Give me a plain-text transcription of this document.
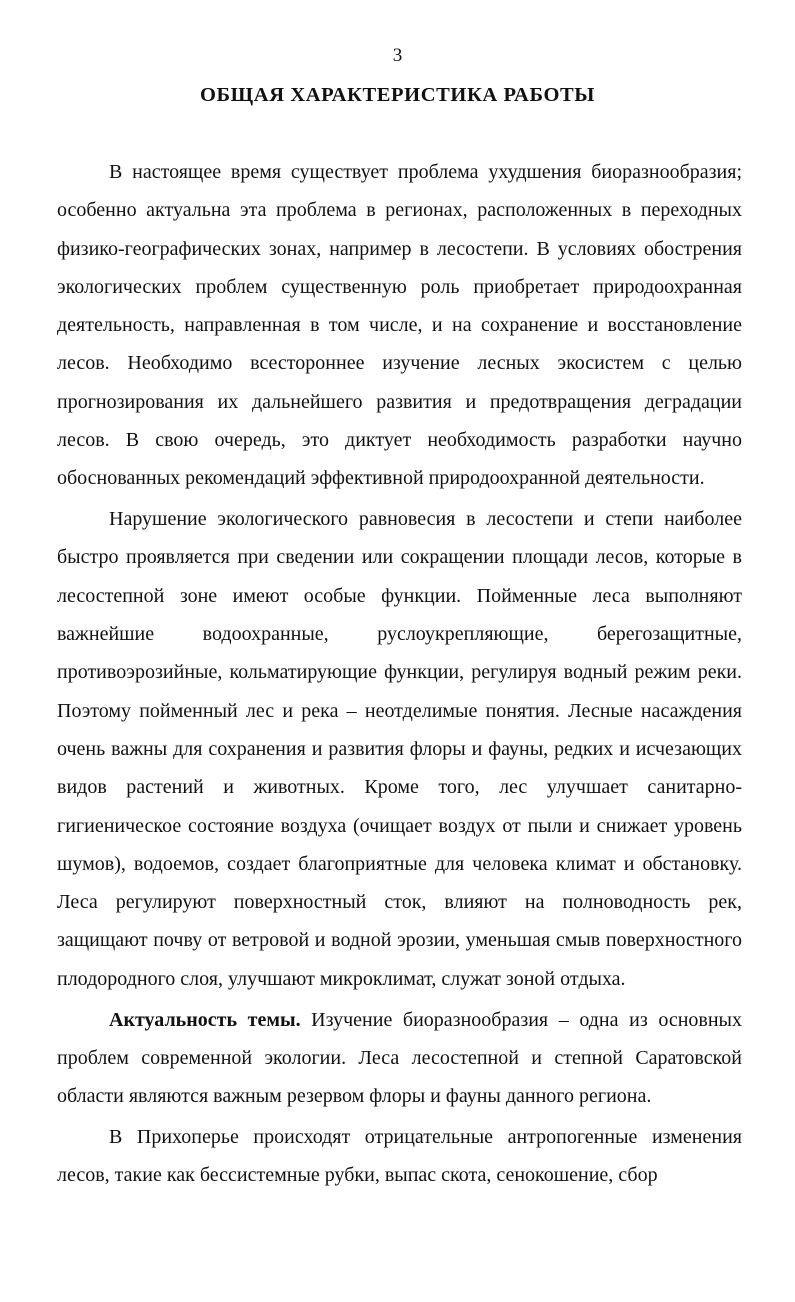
3
ОБЩАЯ ХАРАКТЕРИСТИКА РАБОТЫ

В настоящее время существует проблема ухудшения биоразнообразия; особенно актуальна эта проблема в регионах, расположенных в переходных физико-географических зонах, например в лесостепи. В условиях обострения экологических проблем существенную роль приобретает природоохранная деятельность, направленная в том числе, и на сохранение и восстановление лесов. Необходимо всестороннее изучение лесных экосистем с целью прогнозирования их дальнейшего развития и предотвращения деградации лесов. В свою очередь, это диктует необходимость разработки научно обоснованных рекомендаций эффективной природоохранной деятельности.

Нарушение экологического равновесия в лесостепи и степи наиболее быстро проявляется при сведении или сокращении площади лесов, которые в лесостепной зоне имеют особые функции. Пойменные леса выполняют важнейшие водоохранные, руслоукрепляющие, берегозащитные, противоэрозийные, кольматирующие функции, регулируя водный режим реки. Поэтому пойменный лес и река – неотделимые понятия. Лесные насаждения очень важны для сохранения и развития флоры и фауны, редких и исчезающих видов растений и животных. Кроме того, лес улучшает санитарно-гигиеническое состояние воздуха (очищает воздух от пыли и снижает уровень шумов), водоемов, создает благоприятные для человека климат и обстановку. Леса регулируют поверхностный сток, влияют на полноводность рек, защищают почву от ветровой и водной эрозии, уменьшая смыв поверхностного плодородного слоя, улучшают микроклимат, служат зоной отдыха.

Актуальность темы. Изучение биоразнообразия – одна из основных проблем современной экологии. Леса лесостепной и степной Саратовской области являются важным резервом флоры и фауны данного региона.

В Прихоперье происходят отрицательные антропогенные изменения лесов, такие как бессистемные рубки, выпас скота, сенокошение, сбор
